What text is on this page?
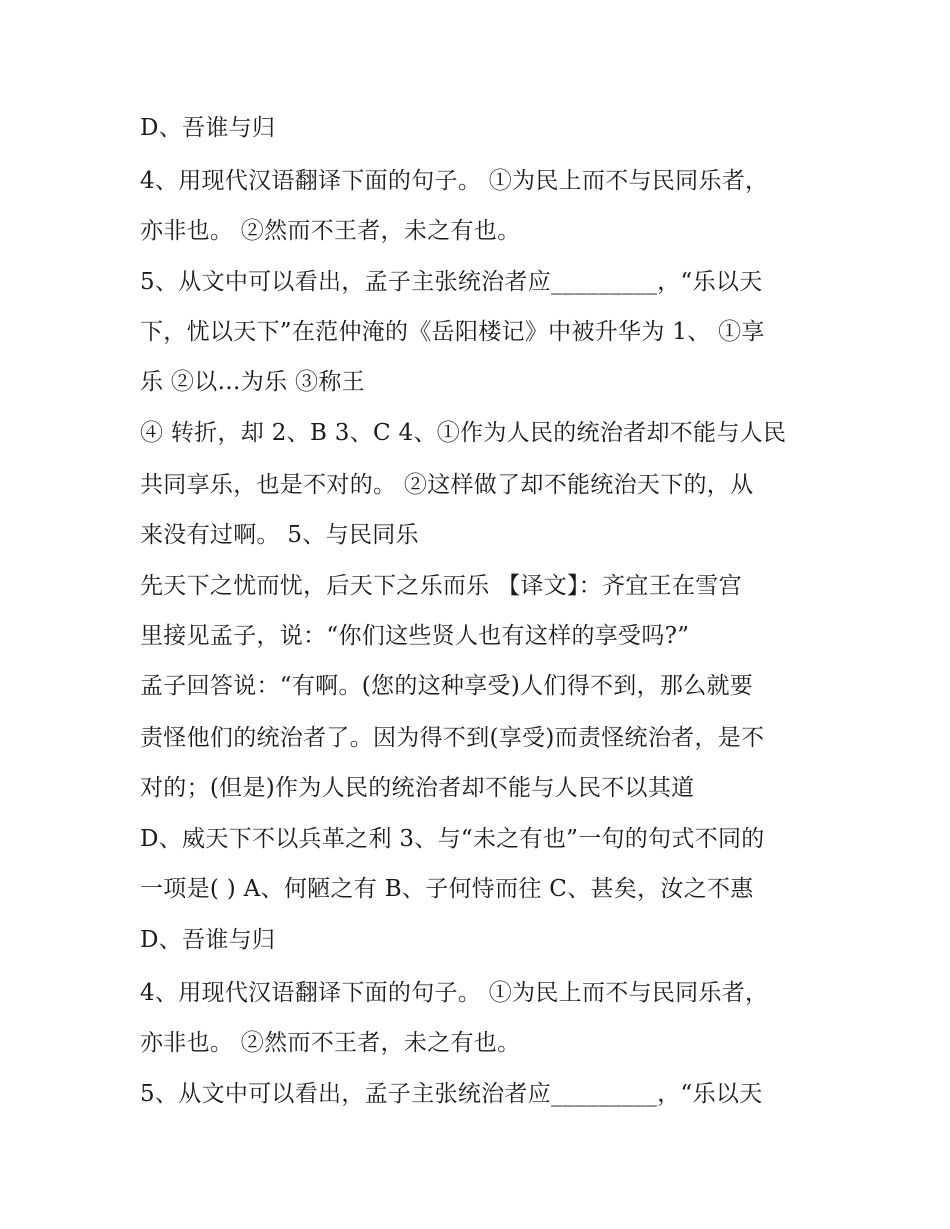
D、吾谁与归
4、用现代汉语翻译下面的句子。 ①为民上而不与民同乐者，
亦非也。 ②然而不王者，未之有也。
5、从文中可以看出，孟子主张统治者应_________，“乐以天
下，忧以天下”在范仲淹的《岳阳楼记》中被升华为 1、 ①享
乐 ②以…为乐 ③称王
④ 转折，却 2、B 3、C 4、①作为人民的统治者却不能与人民
共同享乐，也是不对的。 ②这样做了却不能统治天下的，从
来没有过啊。 5、与民同乐
先天下之忧而忧，后天下之乐而乐 【译文】：齐宜王在雪宫
里接见孟子，说：“你们这些贤人也有这样的享受吗?”
孟子回答说：“有啊。(您的这种享受)人们得不到，那么就要
责怪他们的统治者了。因为得不到(享受)而责怪统治者，是不
对的；(但是)作为人民的统治者却不能与人民不以其道
D、威天下不以兵革之利 3、与“未之有也”一句的句式不同的
一项是( ) A、何陋之有 B、子何恃而往 C、甚矣，汝之不惠
D、吾谁与归
4、用现代汉语翻译下面的句子。 ①为民上而不与民同乐者，
亦非也。 ②然而不王者，未之有也。
5、从文中可以看出，孟子主张统治者应_________，“乐以天
